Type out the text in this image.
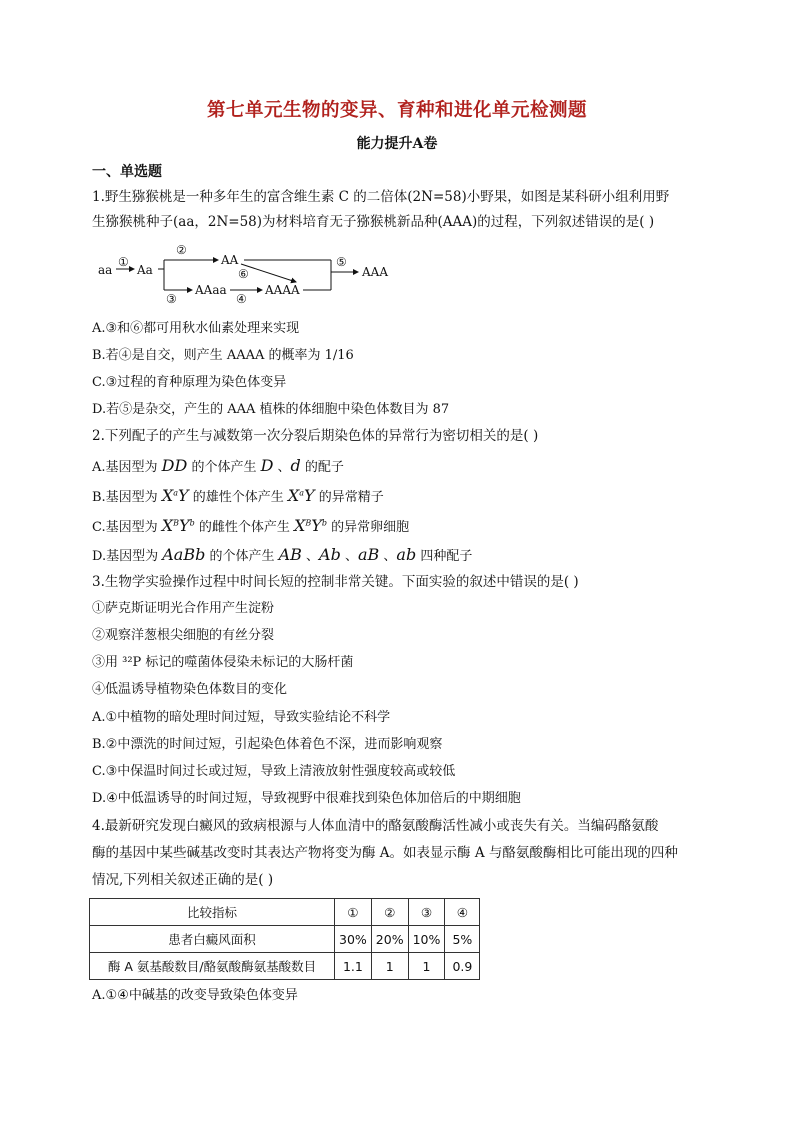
第七单元生物的变异、育种和进化单元检测题
能力提升A卷
一、单选题
1.野生猕猴桃是一种多年生的富含维生素 C 的二倍体(2N=58)小野果，如图是某科研小组利用野
生猕猴桃种子(aa，2N=58)为材料培育无子猕猴桃新品种(AAA)的过程，下列叙述错误的是( )
aa
①
Aa
②
AA
⑥
③
AAaa
④
AAAA
⑤
AAA
A.③和⑥都可用秋水仙素处理来实现
B.若④是自交，则产生 AAAA 的概率为 1/16
C.③过程的育种原理为染色体变异
D.若⑤是杂交，产生的 AAA 植株的体细胞中染色体数目为 87
2.下列配子的产生与减数第一次分裂后期染色体的异常行为密切相关的是( )
A.基因型为 DD 的个体产生 D 、d 的配子
B.基因型为 $X^aY$ 的雄性个体产生 $X^aY$ 的异常精子
C.基因型为 $X^BY^b$ 的雌性个体产生 $X^BY^b$ 的异常卵细胞
D.基因型为 AaBb 的个体产生 AB 、Ab 、aB 、ab 四种配子
3.生物学实验操作过程中时间长短的控制非常关键。下面实验的叙述中错误的是( )
①萨克斯证明光合作用产生淀粉
②观察洋葱根尖细胞的有丝分裂
③用 ³²P 标记的噬菌体侵染未标记的大肠杆菌
④低温诱导植物染色体数目的变化
A.①中植物的暗处理时间过短，导致实验结论不科学
B.②中漂洗的时间过短，引起染色体着色不深，进而影响观察
C.③中保温时间过长或过短，导致上清液放射性强度较高或较低
D.④中低温诱导的时间过短，导致视野中很难找到染色体加倍后的中期细胞
4.最新研究发现白癜风的致病根源与人体血清中的酪氨酸酶活性减小或丧失有关。当编码酪氨酸
酶的基因中某些碱基改变时其表达产物将变为酶 A。如表显示酶 A 与酪氨酸酶相比可能出现的四种
情况,下列相关叙述正确的是( )
比较指标	①	②	③	④
患者白癜风面积	30%	20%	10%	5%
酶 A 氨基酸数目/酪氨酸酶氨基酸数目	1.1	1	1	0.9
A.①④中碱基的改变导致染色体变异
